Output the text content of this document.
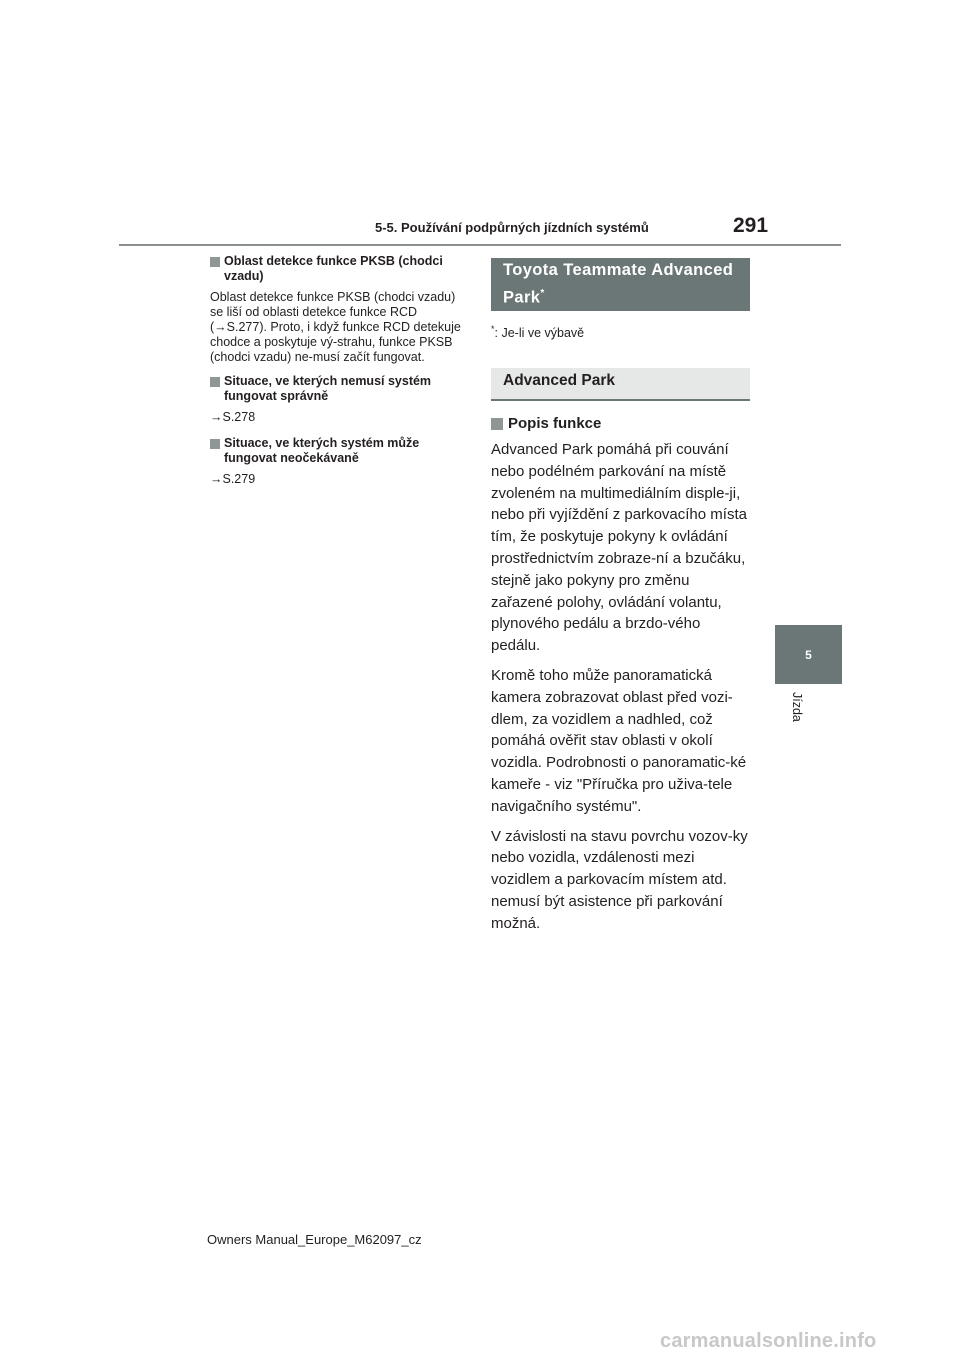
5-5. Používání podpůrných jízdních systémů	291
Oblast detekce funkce PKSB (chodci vzadu)

Oblast detekce funkce PKSB (chodci vzadu) se liší od oblasti detekce funkce RCD (→S.277). Proto, i když funkce RCD detekuje chodce a poskytuje vý-strahu, funkce PKSB (chodci vzadu) ne-musí začít fungovat.

Situace, ve kterých nemusí systém fungovat správně

→S.278

Situace, ve kterých systém může fungovat neočekávaně

→S.279

Toyota Teammate Advanced Park*

*: Je-li ve výbavě

Advanced Park
Popis funkce

Advanced Park pomáhá při couvání nebo podélném parkování na místě zvoleném na multimediálním disple-ji, nebo při vyjíždění z parkovacího místa tím, že poskytuje pokyny k ovládání prostřednictvím zobraze-ní a bzučáku, stejně jako pokyny pro změnu zařazené polohy, ovládání volantu, plynového pedálu a brzdo-vého pedálu.

Kromě toho může panoramatická kamera zobrazovat oblast před vozi-dlem, za vozidlem a nadhled, což pomáhá ověřit stav oblasti v okolí vozidla. Podrobnosti o panoramatic-ké kameře - viz "Příručka pro uživa-tele navigačního systému".

V závislosti na stavu povrchu vozov-ky nebo vozidla, vzdálenosti mezi vozidlem a parkovacím místem atd. nemusí být asistence při parkování možná.

5
Jízda
Owners Manual_Europe_M62097_cz
carmanualsonline.info
